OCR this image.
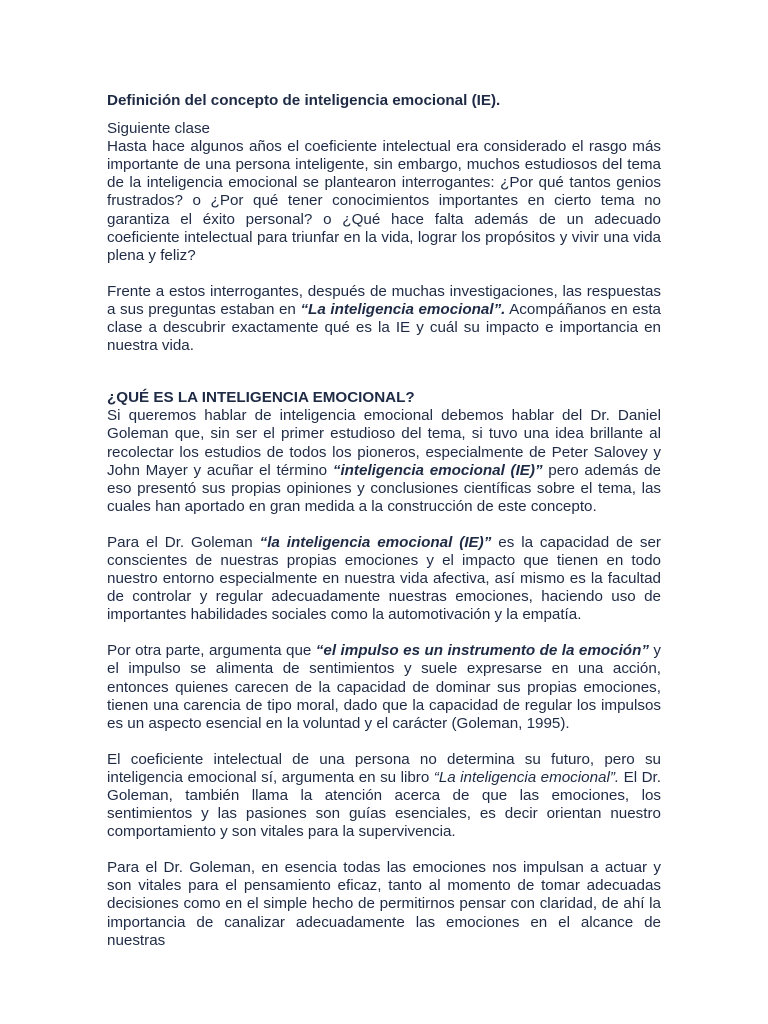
Definición del concepto de inteligencia emocional (IE).
Siguiente clase

Hasta hace algunos años el coeficiente intelectual era considerado el rasgo más importante de una persona inteligente, sin embargo, muchos estudiosos del tema de la inteligencia emocional se plantearon interrogantes: ¿Por qué tantos genios frustrados? o ¿Por qué tener conocimientos importantes en cierto tema no garantiza el éxito personal? o ¿Qué hace falta además de un adecuado coeficiente intelectual para triunfar en la vida, lograr los propósitos y vivir una vida plena y feliz?

Frente a estos interrogantes, después de muchas investigaciones, las respuestas a sus preguntas estaban en “La inteligencia emocional”. Acompáñanos en esta clase a descubrir exactamente qué es la IE y cuál su impacto e importancia en nuestra vida.

¿QUÉ ES LA INTELIGENCIA EMOCIONAL?

Si queremos hablar de inteligencia emocional debemos hablar del Dr. Daniel Goleman que, sin ser el primer estudioso del tema, si tuvo una idea brillante al recolectar los estudios de todos los pioneros, especialmente de Peter Salovey y John Mayer y acuñar el término “inteligencia emocional (IE)” pero además de eso presentó sus propias opiniones y conclusiones científicas sobre el tema, las cuales han aportado en gran medida a la construcción de este concepto.

Para el Dr. Goleman “la inteligencia emocional (IE)” es la capacidad de ser conscientes de nuestras propias emociones y el impacto que tienen en todo nuestro entorno especialmente en nuestra vida afectiva, así mismo es la facultad de controlar y regular adecuadamente nuestras emociones, haciendo uso de importantes habilidades sociales como la automotivación y la empatía.

Por otra parte, argumenta que “el impulso es un instrumento de la emoción” y el impulso se alimenta de sentimientos y suele expresarse en una acción, entonces quienes carecen de la capacidad de dominar sus propias emociones, tienen una carencia de tipo moral, dado que la capacidad de regular los impulsos es un aspecto esencial en la voluntad y el carácter (Goleman, 1995).

El coeficiente intelectual de una persona no determina su futuro, pero su inteligencia emocional sí, argumenta en su libro “La inteligencia emocional”. El Dr. Goleman, también llama la atención acerca de que las emociones, los sentimientos y las pasiones son guías esenciales, es decir orientan nuestro comportamiento y son vitales para la supervivencia.

Para el Dr. Goleman, en esencia todas las emociones nos impulsan a actuar y son vitales para el pensamiento eficaz, tanto al momento de tomar adecuadas decisiones como en el simple hecho de permitirnos pensar con claridad, de ahí la importancia de canalizar adecuadamente las emociones en el alcance de nuestras
